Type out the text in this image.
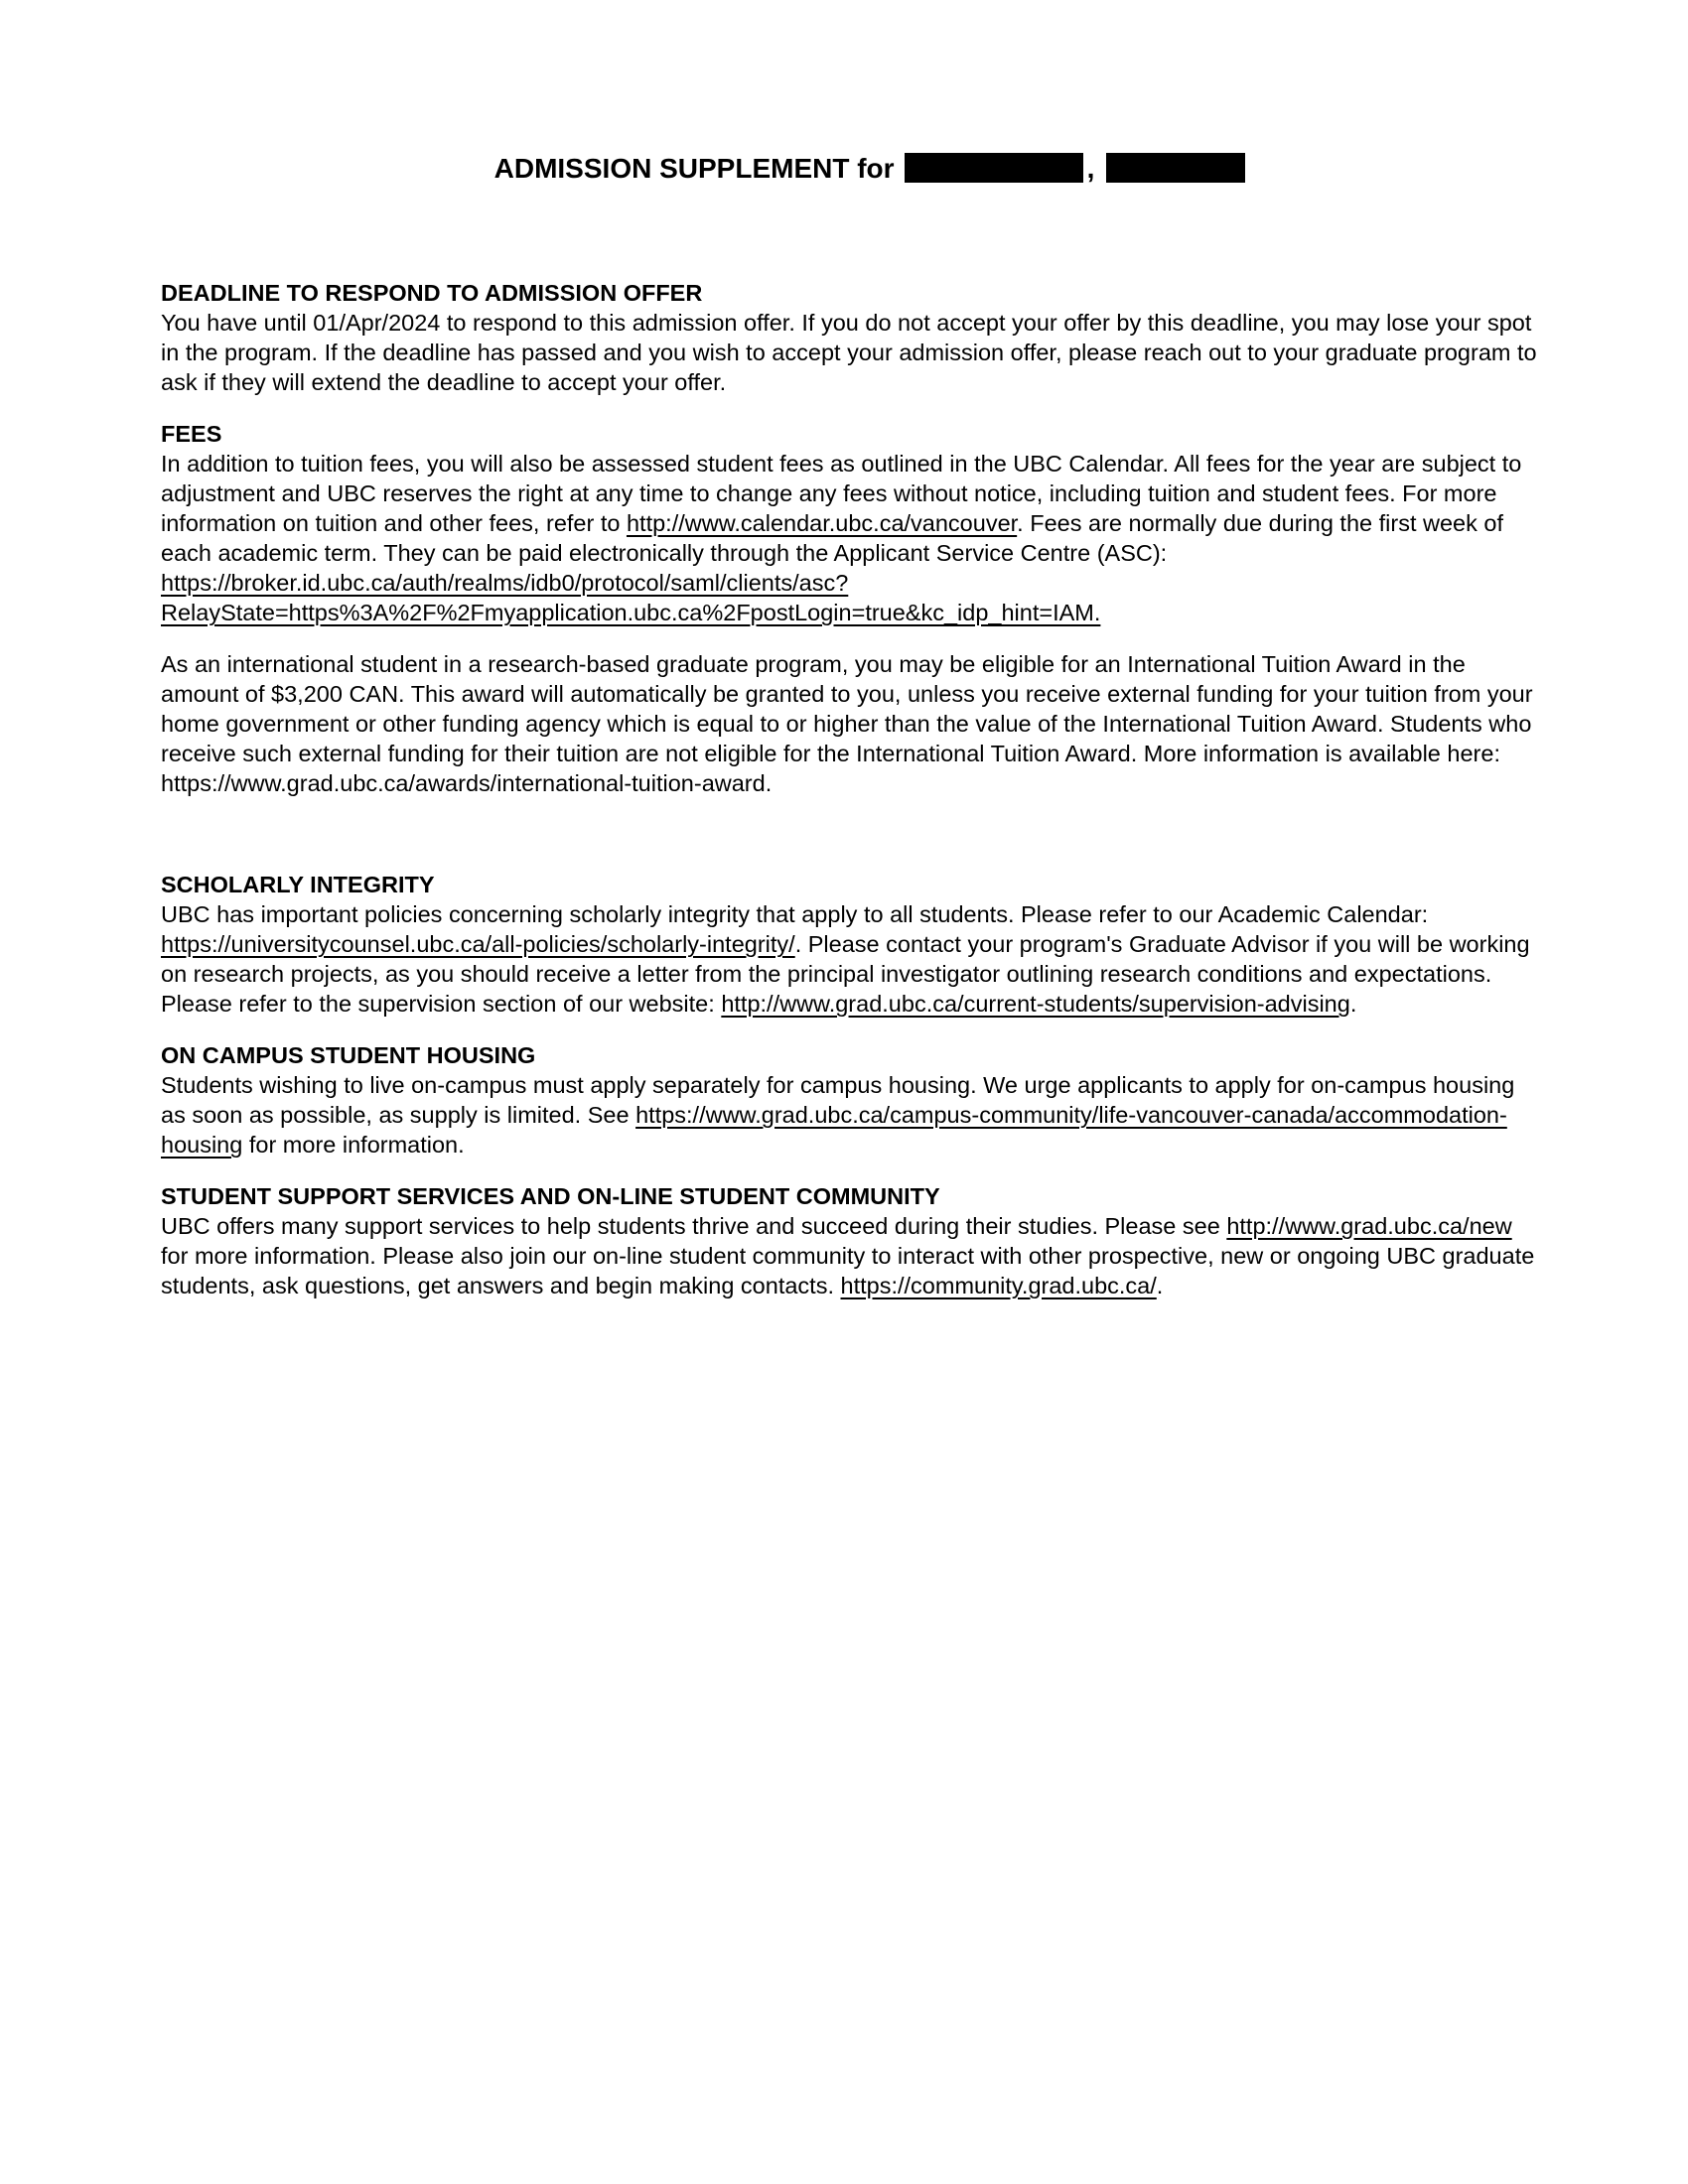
ADMISSION SUPPLEMENT for	,
DEADLINE TO RESPOND TO ADMISSION OFFER

You have until 01/Apr/2024 to respond to this admission offer. If you do not accept your offer by this deadline, you may lose your spot in the program. If the deadline has passed and you wish to accept your admission offer, please reach out to your graduate program to ask if they will extend the deadline to accept your offer.

FEES

In addition to tuition fees, you will also be assessed student fees as outlined in the UBC Calendar. All fees for the year are subject to adjustment and UBC reserves the right at any time to change any fees without notice, including tuition and student fees. For more information on tuition and other fees, refer to http://www.calendar.ubc.ca/vancouver. Fees are normally due during the first week of each academic term. They can be paid electronically through the Applicant Service Centre (ASC): https://broker.id.ubc.ca/auth/realms/idb0/protocol/saml/clients/asc?
RelayState=https%3A%2F%2Fmyapplication.ubc.ca%2FpostLogin=true&kc_idp_hint=IAM.

As an international student in a research-based graduate program, you may be eligible for an International Tuition Award in the amount of $3,200 CAN. This award will automatically be granted to you, unless you receive external funding for your tuition from your home government or other funding agency which is equal to or higher than the value of the International Tuition Award. Students who receive such external funding for their tuition are not eligible for the International Tuition Award. More information is available here: https://www.grad.ubc.ca/awards/international-tuition-award.

SCHOLARLY INTEGRITY

UBC has important policies concerning scholarly integrity that apply to all students. Please refer to our Academic Calendar: https://universitycounsel.ubc.ca/all-policies/scholarly-integrity/. Please contact your program's Graduate Advisor if you will be working on research projects, as you should receive a letter from the principal investigator outlining research conditions and expectations. Please refer to the supervision section of our website: http://www.grad.ubc.ca/current-students/supervision-advising.

ON CAMPUS STUDENT HOUSING

Students wishing to live on-campus must apply separately for campus housing. We urge applicants to apply for on-campus housing as soon as possible, as supply is limited. See https://www.grad.ubc.ca/campus-community/life-vancouver-canada/accommodation-housing for more information.

STUDENT SUPPORT SERVICES AND ON-LINE STUDENT COMMUNITY

UBC offers many support services to help students thrive and succeed during their studies. Please see http://www.grad.ubc.ca/new for more information. Please also join our on-line student community to interact with other prospective, new or ongoing UBC graduate students, ask questions, get answers and begin making contacts. https://community.grad.ubc.ca/.
